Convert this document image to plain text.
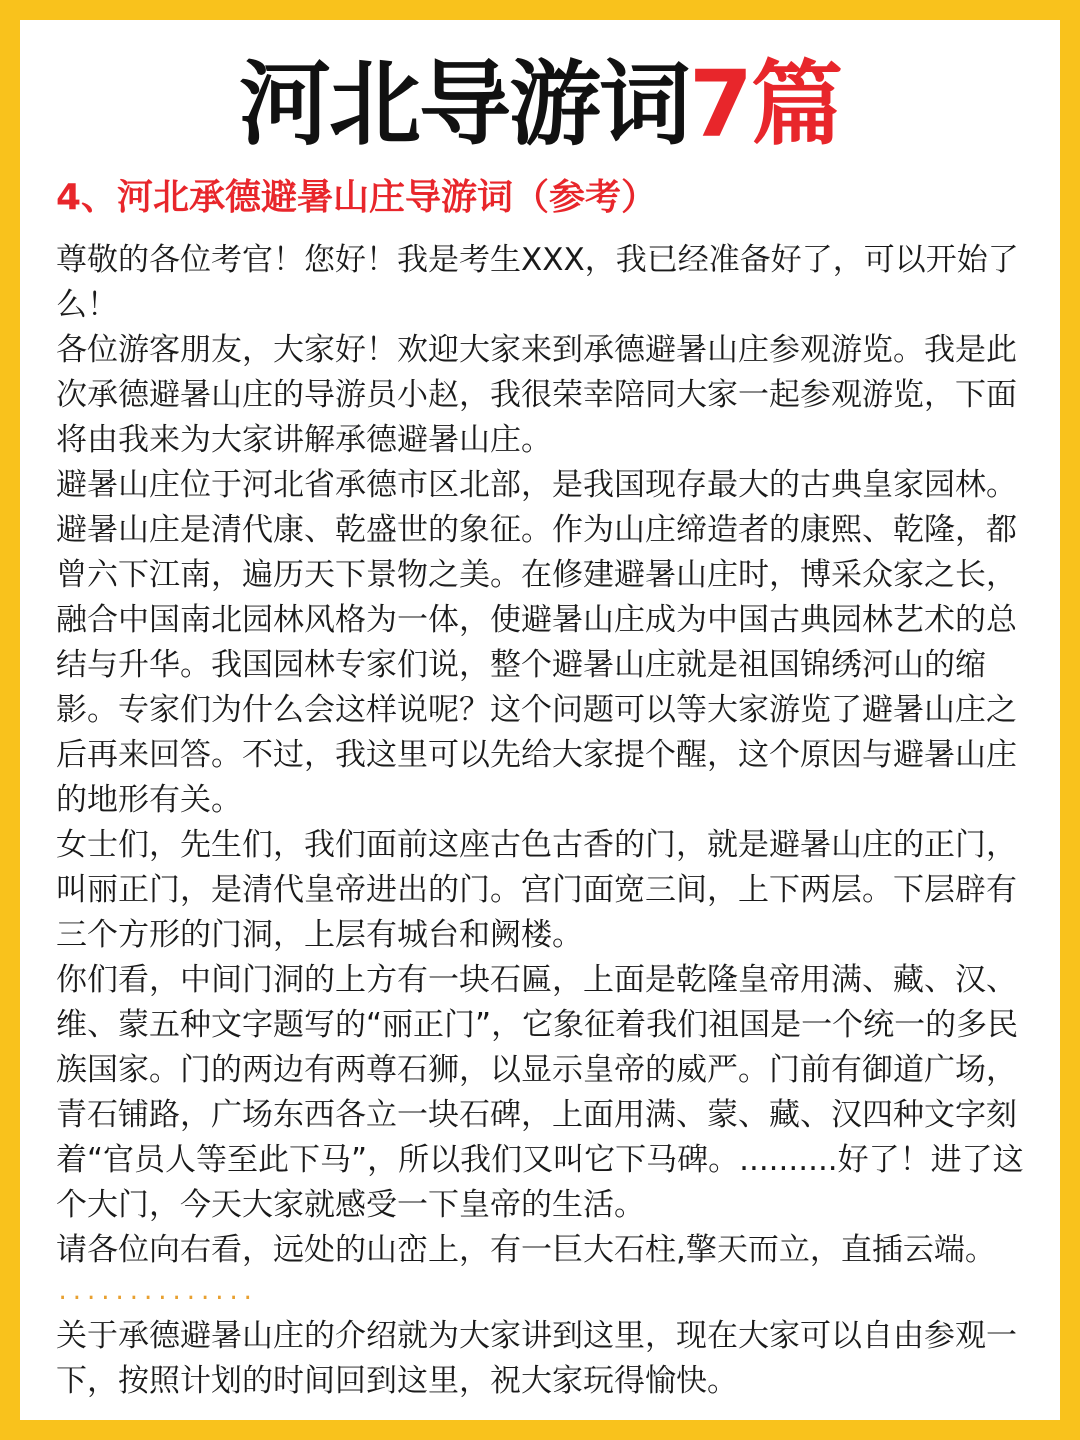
河北导游词7篇
4、河北承德避暑山庄导游词（参考）

尊敬的各位考官！您好！我是考生XXX，我已经准备好了，可以开始了么！

各位游客朋友，大家好！欢迎大家来到承德避暑山庄参观游览。我是此次承德避暑山庄的导游员小赵，我很荣幸陪同大家一起参观游览，下面将由我来为大家讲解承德避暑山庄。

避暑山庄位于河北省承德市区北部，是我国现存最大的古典皇家园林。避暑山庄是清代康、乾盛世的象征。作为山庄缔造者的康熙、乾隆，都曾六下江南，遍历天下景物之美。在修建避暑山庄时，博采众家之长，融合中国南北园林风格为一体，使避暑山庄成为中国古典园林艺术的总结与升华。我国园林专家们说，整个避暑山庄就是祖国锦绣河山的缩影。专家们为什么会这样说呢？这个问题可以等大家游览了避暑山庄之后再来回答。不过，我这里可以先给大家提个醒，这个原因与避暑山庄的地形有关。

女士们，先生们，我们面前这座古色古香的门，就是避暑山庄的正门，叫丽正门，是清代皇帝进出的门。宫门面宽三间，上下两层。下层辟有三个方形的门洞，上层有城台和阙楼。

你们看，中间门洞的上方有一块石匾，上面是乾隆皇帝用满、藏、汉、维、蒙五种文字题写的“丽正门”，它象征着我们祖国是一个统一的多民族国家。门的两边有两尊石狮，以显示皇帝的威严。门前有御道广场，青石铺路，广场东西各立一块石碑，上面用满、蒙、藏、汉四种文字刻着“官员人等至此下马”，所以我们又叫它下马碑。..........好了！进了这个大门，今天大家就感受一下皇帝的生活。

请各位向右看，远处的山峦上，有一巨大石柱,擎天而立，直插云端。

..............
关于承德避暑山庄的介绍就为大家讲到这里，现在大家可以自由参观一下，按照计划的时间回到这里，祝大家玩得愉快。
